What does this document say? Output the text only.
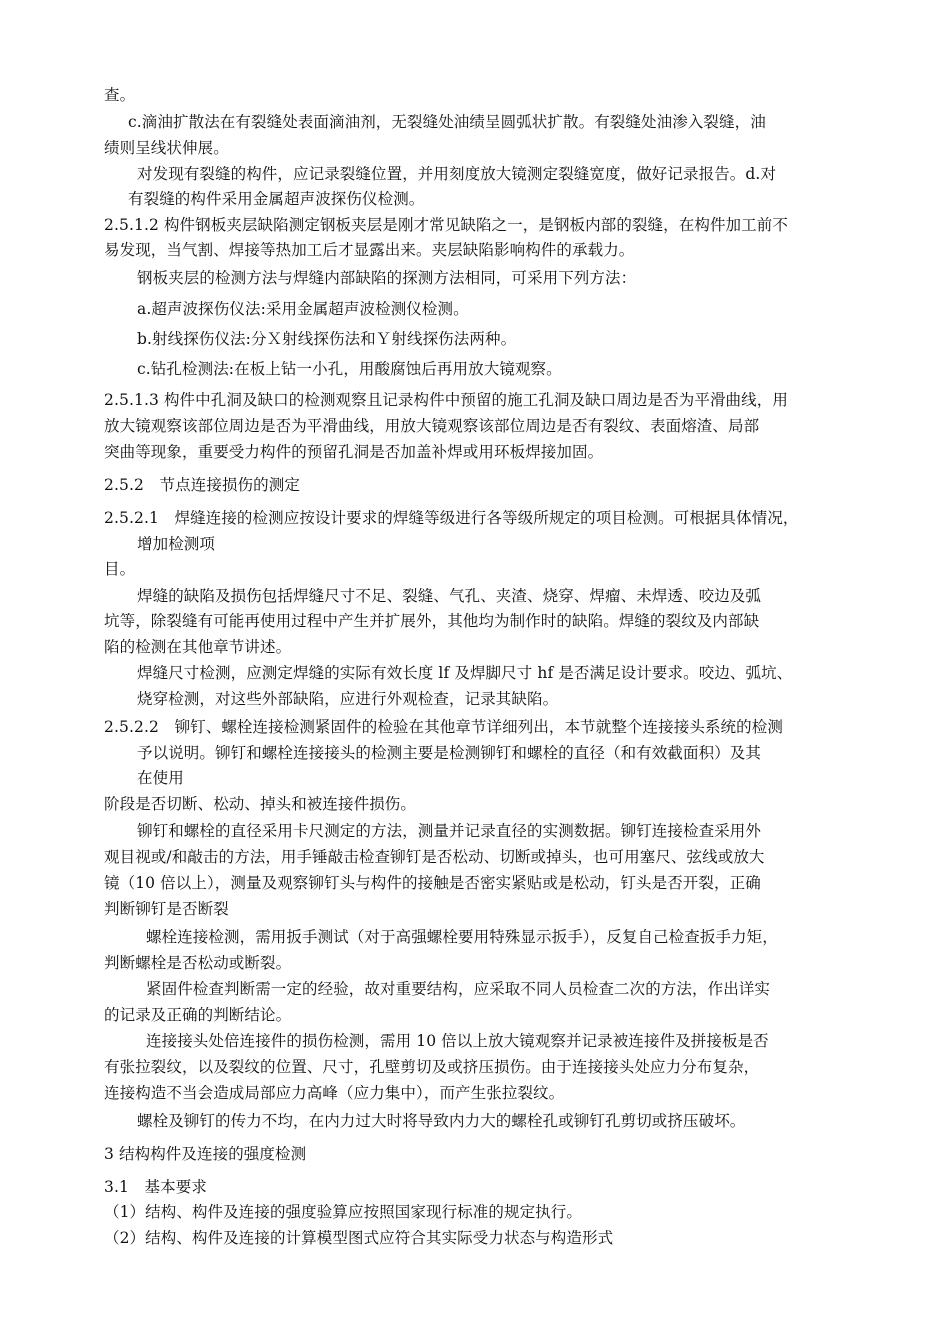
查。
c.滴油扩散法在有裂缝处表面滴油剂，无裂缝处油绩呈圆弧状扩散。有裂缝处油渗入裂缝，油
绩则呈线状伸展。
对发现有裂缝的构件，应记录裂缝位置，并用刻度放大镜测定裂缝宽度，做好记录报告。d.对
有裂缝的构件采用金属超声波探伤仪检测。
2.5.1.2 构件钢板夹层缺陷测定钢板夹层是刚才常见缺陷之一，是钢板内部的裂缝，在构件加工前不
易发现，当气割、焊接等热加工后才显露出来。夹层缺陷影响构件的承载力。
钢板夹层的检测方法与焊缝内部缺陷的探测方法相同，可采用下列方法：
a.超声波探伤仪法:采用金属超声波检测仪检测。
b.射线探伤仪法:分Ｘ射线探伤法和Ｙ射线探伤法两种。
c.钻孔检测法:在板上钻一小孔，用酸腐蚀后再用放大镜观察。
2.5.1.3 构件中孔洞及缺口的检测观察且记录构件中预留的施工孔洞及缺口周边是否为平滑曲线，用
放大镜观察该部位周边是否为平滑曲线，用放大镜观察该部位周边是否有裂纹、表面熔渣、局部
突曲等现象，重要受力构件的预留孔洞是否加盖补焊或用环板焊接加固。
2.5.2　节点连接损伤的测定
2.5.2.1　焊缝连接的检测应按设计要求的焊缝等级进行各等级所规定的项目检测。可根据具体情况，
增加检测项
目。
焊缝的缺陷及损伤包括焊缝尺寸不足、裂缝、气孔、夹渣、烧穿、焊瘤、未焊透、咬边及弧
坑等，除裂缝有可能再使用过程中产生并扩展外，其他均为制作时的缺陷。焊缝的裂纹及内部缺
陷的检测在其他章节讲述。
焊缝尺寸检测，应测定焊缝的实际有效长度 lf 及焊脚尺寸 hf 是否满足设计要求。咬边、弧坑、
烧穿检测，对这些外部缺陷，应进行外观检查，记录其缺陷。
2.5.2.2　铆钉、螺栓连接检测紧固件的检验在其他章节详细列出，本节就整个连接接头系统的检测
予以说明。铆钉和螺栓连接接头的检测主要是检测铆钉和螺栓的直径（和有效截面积）及其
在使用
阶段是否切断、松动、掉头和被连接件损伤。
铆钉和螺栓的直径采用卡尺测定的方法，测量并记录直径的实测数据。铆钉连接检查采用外
观目视或/和敲击的方法，用手锤敲击检查铆钉是否松动、切断或掉头，也可用塞尺、弦线或放大
镜（10 倍以上），测量及观察铆钉头与构件的接触是否密实紧贴或是松动，钉头是否开裂，正确
判断铆钉是否断裂
螺栓连接检测，需用扳手测试（对于高强螺栓要用特殊显示扳手），反复自己检查扳手力矩，
判断螺栓是否松动或断裂。
紧固件检查判断需一定的经验，故对重要结构，应采取不同人员检查二次的方法，作出详实
的记录及正确的判断结论。
连接接头处倍连接件的损伤检测，需用 10 倍以上放大镜观察并记录被连接件及拼接板是否
有张拉裂纹，以及裂纹的位置、尺寸，孔壁剪切及或挤压损伤。由于连接接头处应力分布复杂，
连接构造不当会造成局部应力高峰（应力集中），而产生张拉裂纹。
螺栓及铆钉的传力不均，在内力过大时将导致内力大的螺栓孔或铆钉孔剪切或挤压破坏。
3 结构构件及连接的强度检测
3.1　基本要求
（1）结构、构件及连接的强度验算应按照国家现行标准的规定执行。
（2）结构、构件及连接的计算模型图式应符合其实际受力状态与构造形式
